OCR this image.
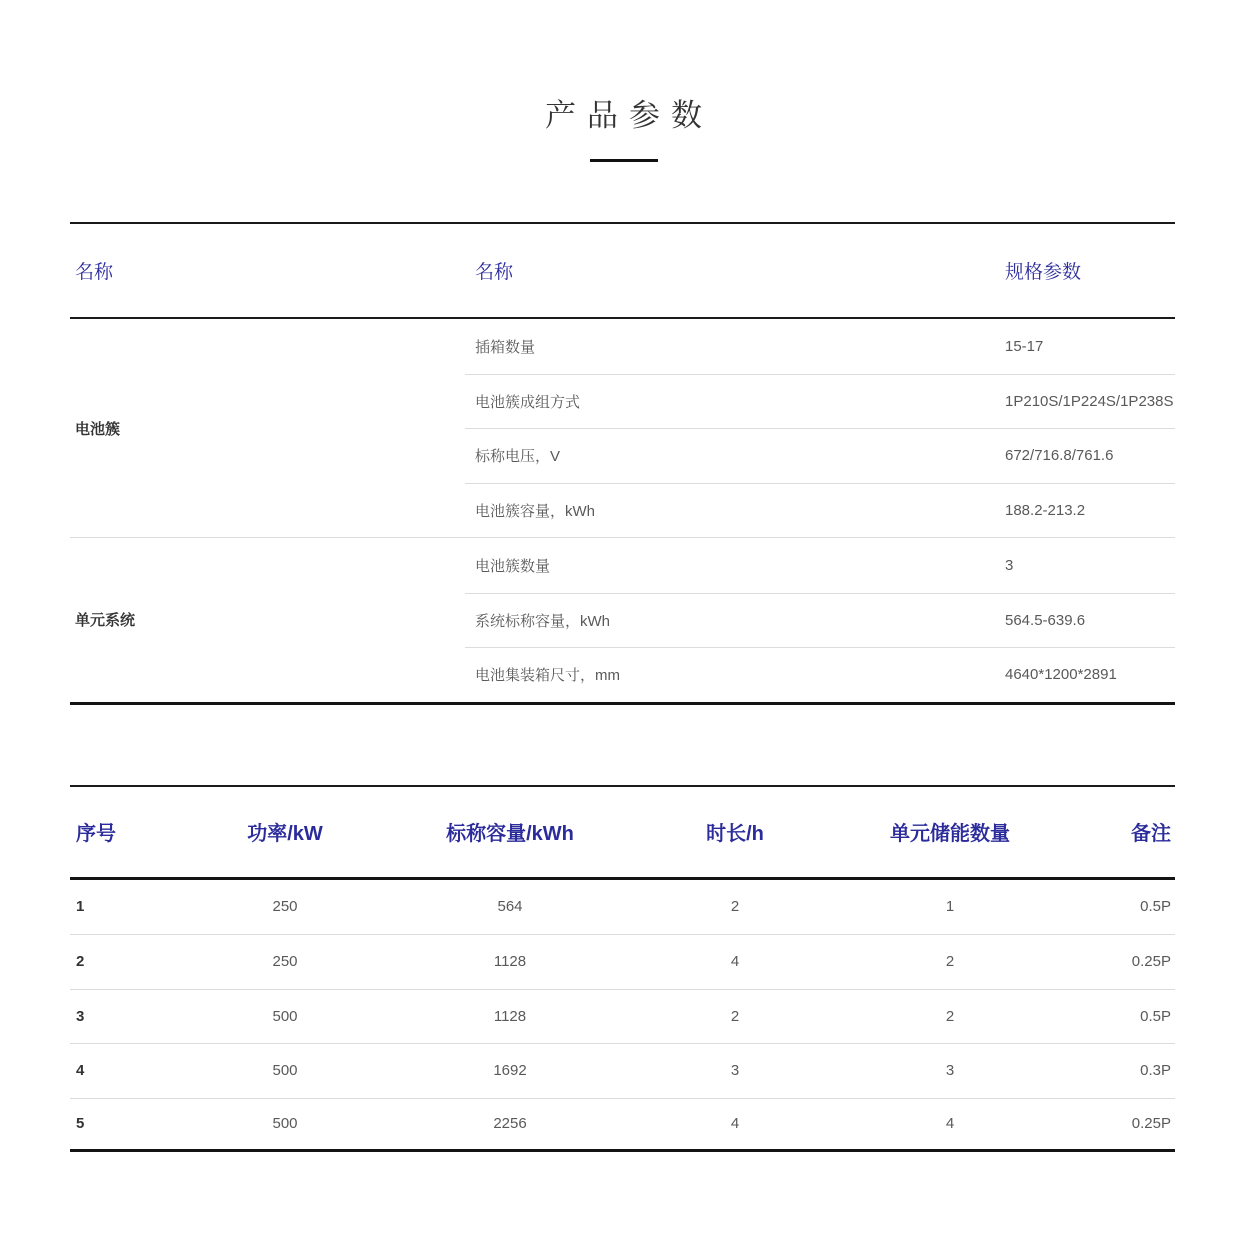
产品参数
名称	名称	规格参数
电池簇
插箱数量	15-17
电池簇成组方式	1P210S/1P224S/1P238S
标称电压，V	672/716.8/761.6
电池簇容量，kWh	188.2-213.2
单元系统
电池簇数量	3
系统标称容量，kWh	564.5-639.6
电池集装箱尺寸，mm	4640*1200*2891
序号	功率/kW	标称容量/kWh	时长/h	单元储能数量	备注
1	250	564	2	1	0.5P
2	250	1128	4	2	0.25P
3	500	1128	2	2	0.5P
4	500	1692	3	3	0.3P
5	500	2256	4	4	0.25P
